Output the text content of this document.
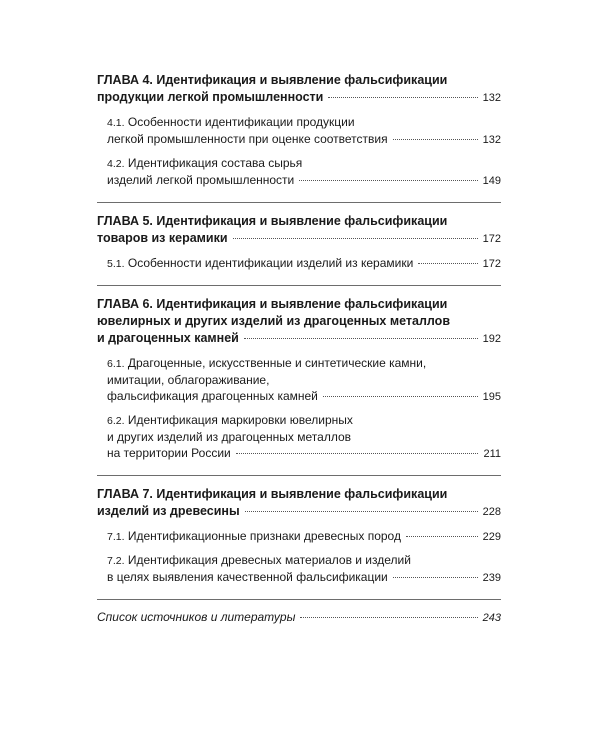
ГЛАВА 4. Идентификация и выявление фальсификации
продукции легкой промышленности	132
4.1. Особенности идентификации продукции
легкой промышленности при оценке соответствия	132
4.2. Идентификация состава сырья
изделий легкой промышленности	149
ГЛАВА 5. Идентификация и выявление фальсификации
товаров из керамики	172
5.1. Особенности идентификации изделий из керамики	172
ГЛАВА 6. Идентификация и выявление фальсификации
ювелирных и других изделий из драгоценных металлов
и драгоценных камней	192
6.1. Драгоценные, искусственные и синтетические камни,
имитации, облагораживание,
фальсификация драгоценных камней	195
6.2. Идентификация маркировки ювелирных
и других изделий из драгоценных металлов
на территории России	211
ГЛАВА 7. Идентификация и выявление фальсификации
изделий из древесины	228
7.1. Идентификационные признаки древесных пород	229
7.2. Идентификация древесных материалов и изделий
в целях выявления качественной фальсификации	239
Список источников и литературы	243
